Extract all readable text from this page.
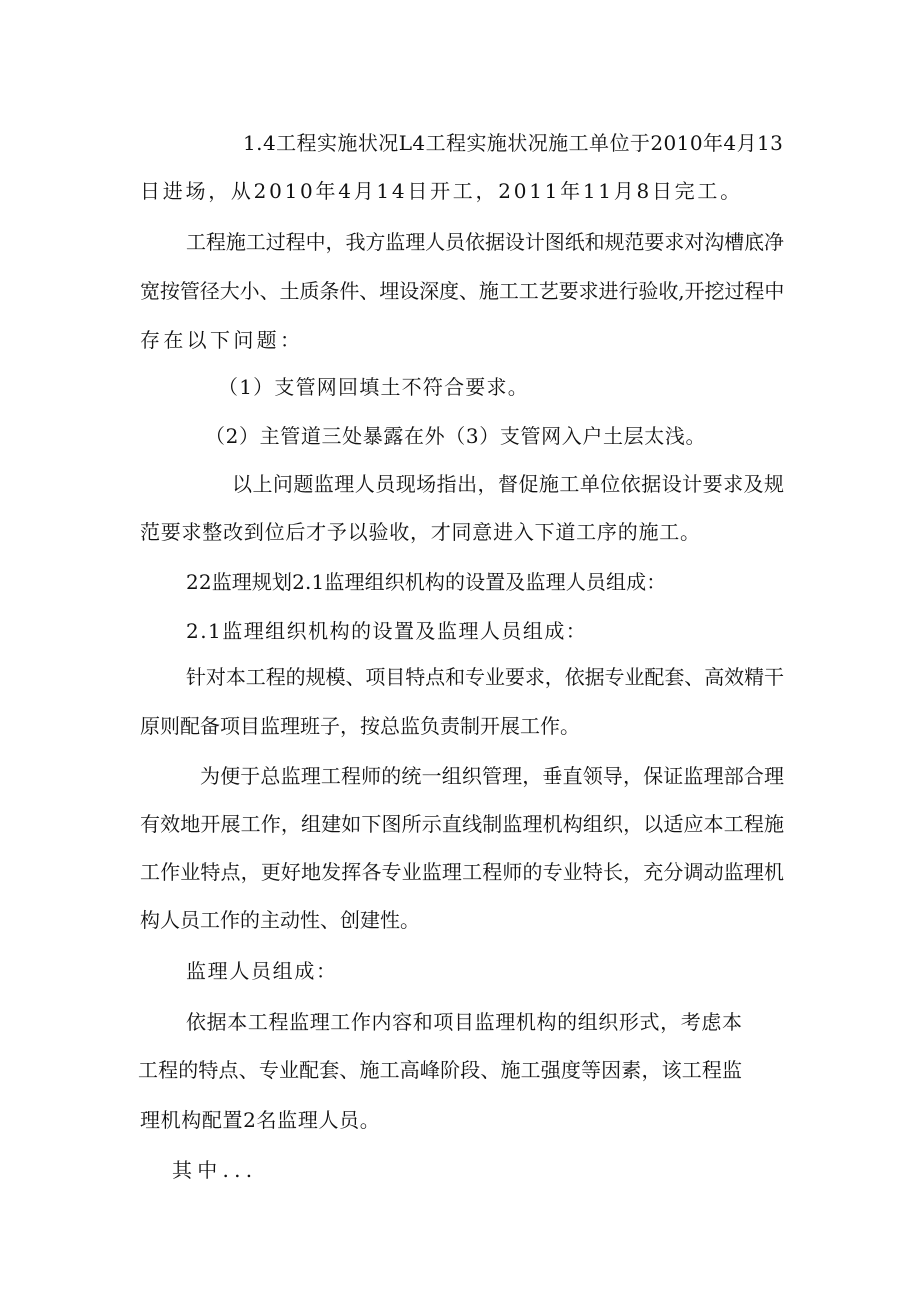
1.4工程实施状况L4工程实施状况施工单位于2010年4月13

日进场，从2010年4月14日开工，2011年11月8日完工。

工程施工过程中，我方监理人员依据设计图纸和规范要求对沟槽底净

宽按管径大小、土质条件、埋设深度、施工工艺要求进行验收,开挖过程中

存在以下问题：

（1）支管网回填土不符合要求。

（2）主管道三处暴露在外（3）支管网入户土层太浅。

以上问题监理人员现场指出，督促施工单位依据设计要求及规

范要求整改到位后才予以验收，才同意进入下道工序的施工。

22监理规划2.1监理组织机构的设置及监理人员组成：

2.1监理组织机构的设置及监理人员组成：

针对本工程的规模、项目特点和专业要求，依据专业配套、高效精干

原则配备项目监理班子，按总监负责制开展工作。

为便于总监理工程师的统一组织管理，垂直领导，保证监理部合理

有效地开展工作，组建如下图所示直线制监理机构组织，以适应本工程施

工作业特点，更好地发挥各专业监理工程师的专业特长，充分调动监理机

构人员工作的主动性、创建性。

监理人员组成：

依据本工程监理工作内容和项目监理机构的组织形式，考虑本

工程的特点、专业配套、施工高峰阶段、施工强度等因素，该工程监

理机构配置2名监理人员。

其中...
